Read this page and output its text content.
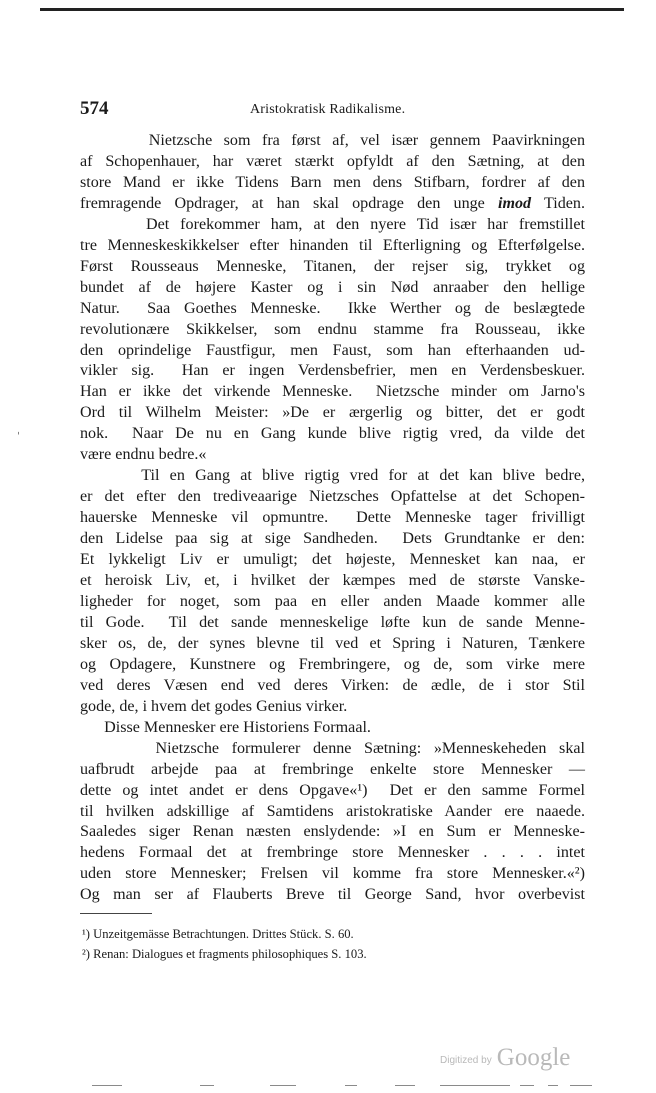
574	Aristokratisk Radikalisme.
ˌ
Nietzsche som fra først af, vel især gennem Paavirkningen
af Schopenhauer, har været stærkt opfyldt af den Sætning, at den
store Mand er ikke Tidens Barn men dens Stifbarn, fordrer af den
fremragende Opdrager, at han skal opdrage den unge imod Tiden.
Det forekommer ham, at den nyere Tid især har fremstillet
tre Menneskeskikkelser efter hinanden til Efterligning og Efterfølgelse.
Først Rousseaus Menneske, Titanen, der rejser sig, trykket og
bundet af de højere Kaster og i sin Nød anraaber den hellige
Natur.  Saa Goethes Menneske.  Ikke Werther og de beslægtede
revolutionære Skikkelser, som endnu stamme fra Rousseau, ikke
den oprindelige Faustfigur, men Faust, som han efterhaanden ud-
vikler sig.  Han er ingen Verdensbefrier, men en Verdensbeskuer.
Han er ikke det virkende Menneske.  Nietzsche minder om Jarno's
Ord til Wilhelm Meister: »De er ærgerlig og bitter, det er godt
nok.  Naar De nu en Gang kunde blive rigtig vred, da vilde det
være endnu bedre.«
Til en Gang at blive rigtig vred for at det kan blive bedre,
er det efter den trediveaarige Nietzsches Opfattelse at det Schopen-
hauerske Menneske vil opmuntre.  Dette Menneske tager frivilligt
den Lidelse paa sig at sige Sandheden.  Dets Grundtanke er den:
Et lykkeligt Liv er umuligt; det højeste, Mennesket kan naa, er
et heroisk Liv, et, i hvilket der kæmpes med de største Vanske-
ligheder for noget, som paa en eller anden Maade kommer alle
til Gode.  Til det sande menneskelige løfte kun de sande Menne-
sker os, de, der synes blevne til ved et Spring i Naturen, Tænkere
og Opdagere, Kunstnere og Frembringere, og de, som virke mere
ved deres Væsen end ved deres Virken: de ædle, de i stor Stil
gode, de, i hvem det godes Genius virker.
Disse Mennesker ere Historiens Formaal.
Nietzsche formulerer denne Sætning: »Menneskeheden skal
uafbrudt arbejde paa at frembringe enkelte store Mennesker —
dette og intet andet er dens Opgave«¹)  Det er den samme Formel
til hvilken adskillige af Samtidens aristokratiske Aander ere naaede.
Saaledes siger Renan næsten enslydende: »I en Sum er Menneske-
hedens Formaal det at frembringe store Mennesker . . . . intet
uden store Mennesker; Frelsen vil komme fra store Mennesker.«²)
Og man ser af Flauberts Breve til George Sand, hvor overbevist
¹) Unzeitgemässe Betrachtungen. Drittes Stück. S. 60.
²) Renan: Dialogues et fragments philosophiques S. 103.
Digitized by Google
